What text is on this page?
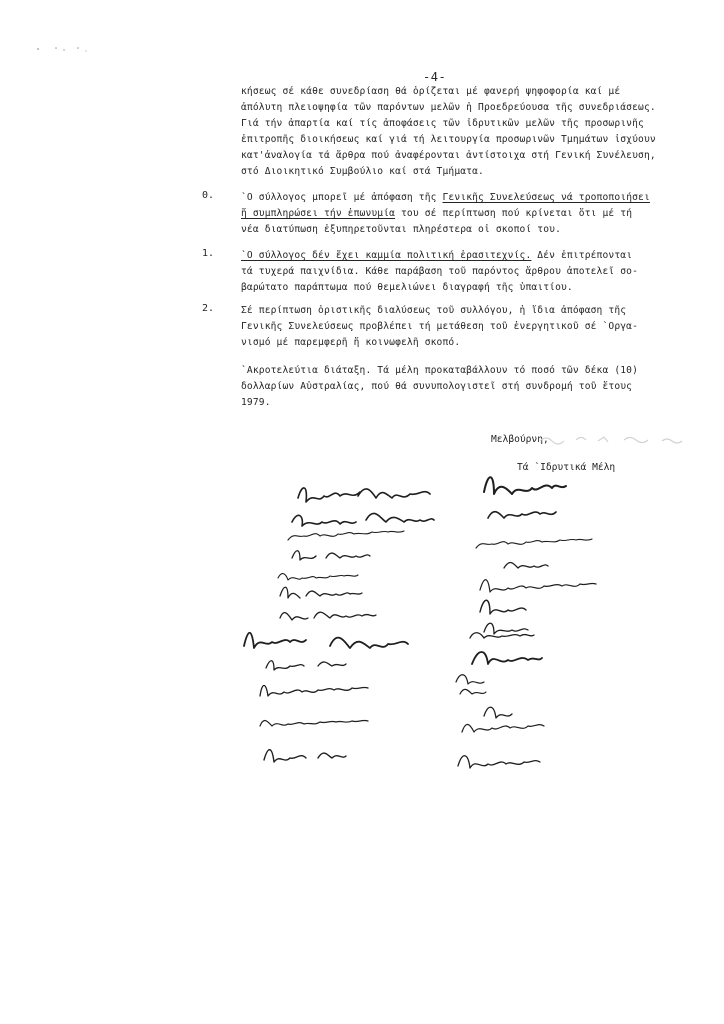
-4-
κήσεως σέ κάθε συνεδρίαση θά ὁρίζεται μέ φανερή ψηφοφορία καί μέ
ἀπόλυτη πλειοψηφία τῶν παρόντων μελῶν ἡ Προεδρεύουσα τῆς συνεδριάσεως.
Γιά τήν ἀπαρτία καί τίς ἀποφάσεις τῶν ἱδρυτικῶν μελῶν τῆς προσωρινῆς
ἐπιτροπῆς διοικήσεως καί γιά τή λειτουργία προσωρινῶν Τμημάτων ἰσχύουν
κατ'ἀναλογία τά ἄρθρα πού ἀναφέρονται ἀντίστοιχα στή Γενική Συνέλευση,
στό Διοικητικό Συμβούλιο καί στά Τμήματα.
0.	`Ο σύλλογος μπορεῖ μέ ἀπόφαση τῆς Γενικῆς Συνελεύσεως νά τροποποιήσει
ἤ συμπληρώσει τήν ἐπωνυμία του σέ περίπτωση πού κρίνεται ὅτι μέ τή
νέα διατύπωση ἐξυπηρετοῦνται πληρέστερα οἱ σκοποί του.
1.	`Ο σύλλογος δέν ἔχει καμμία πολιτική ἐρασιτεχνίς. Δέν ἐπιτρέπονται
τά τυχερά παιχνίδια. Κάθε παράβαση τοῦ παρόντος ἄρθρου ἀποτελεῖ σο-
βαρώτατο παράπτωμα πού θεμελιώνει διαγραφή τῆς ὑπαιτίου.
2.	Σέ περίπτωση ὁριστικῆς διαλύσεως τοῦ συλλόγου, ἡ ἴδια ἀπόφαση τῆς
Γενικῆς Συνελεύσεως προβλέπει τή μετάθεση τοῦ ἐνεργητικοῦ σέ `Οργα-
νισμό μέ παρεμφερῆ ἤ κοινωφελῆ σκοπό.
`Ακροτελεύτια διάταξη. Τά μέλη προκαταβάλλουν τό ποσό τῶν δέκα (10)
δολλαρίων Αὐστραλίας, πού θά συνυπολογιστεῖ στή συνδρομή τοῦ ἔτους
1979.
Μελβούρνη,
Τά `Ιδρυτικά Μέλη
